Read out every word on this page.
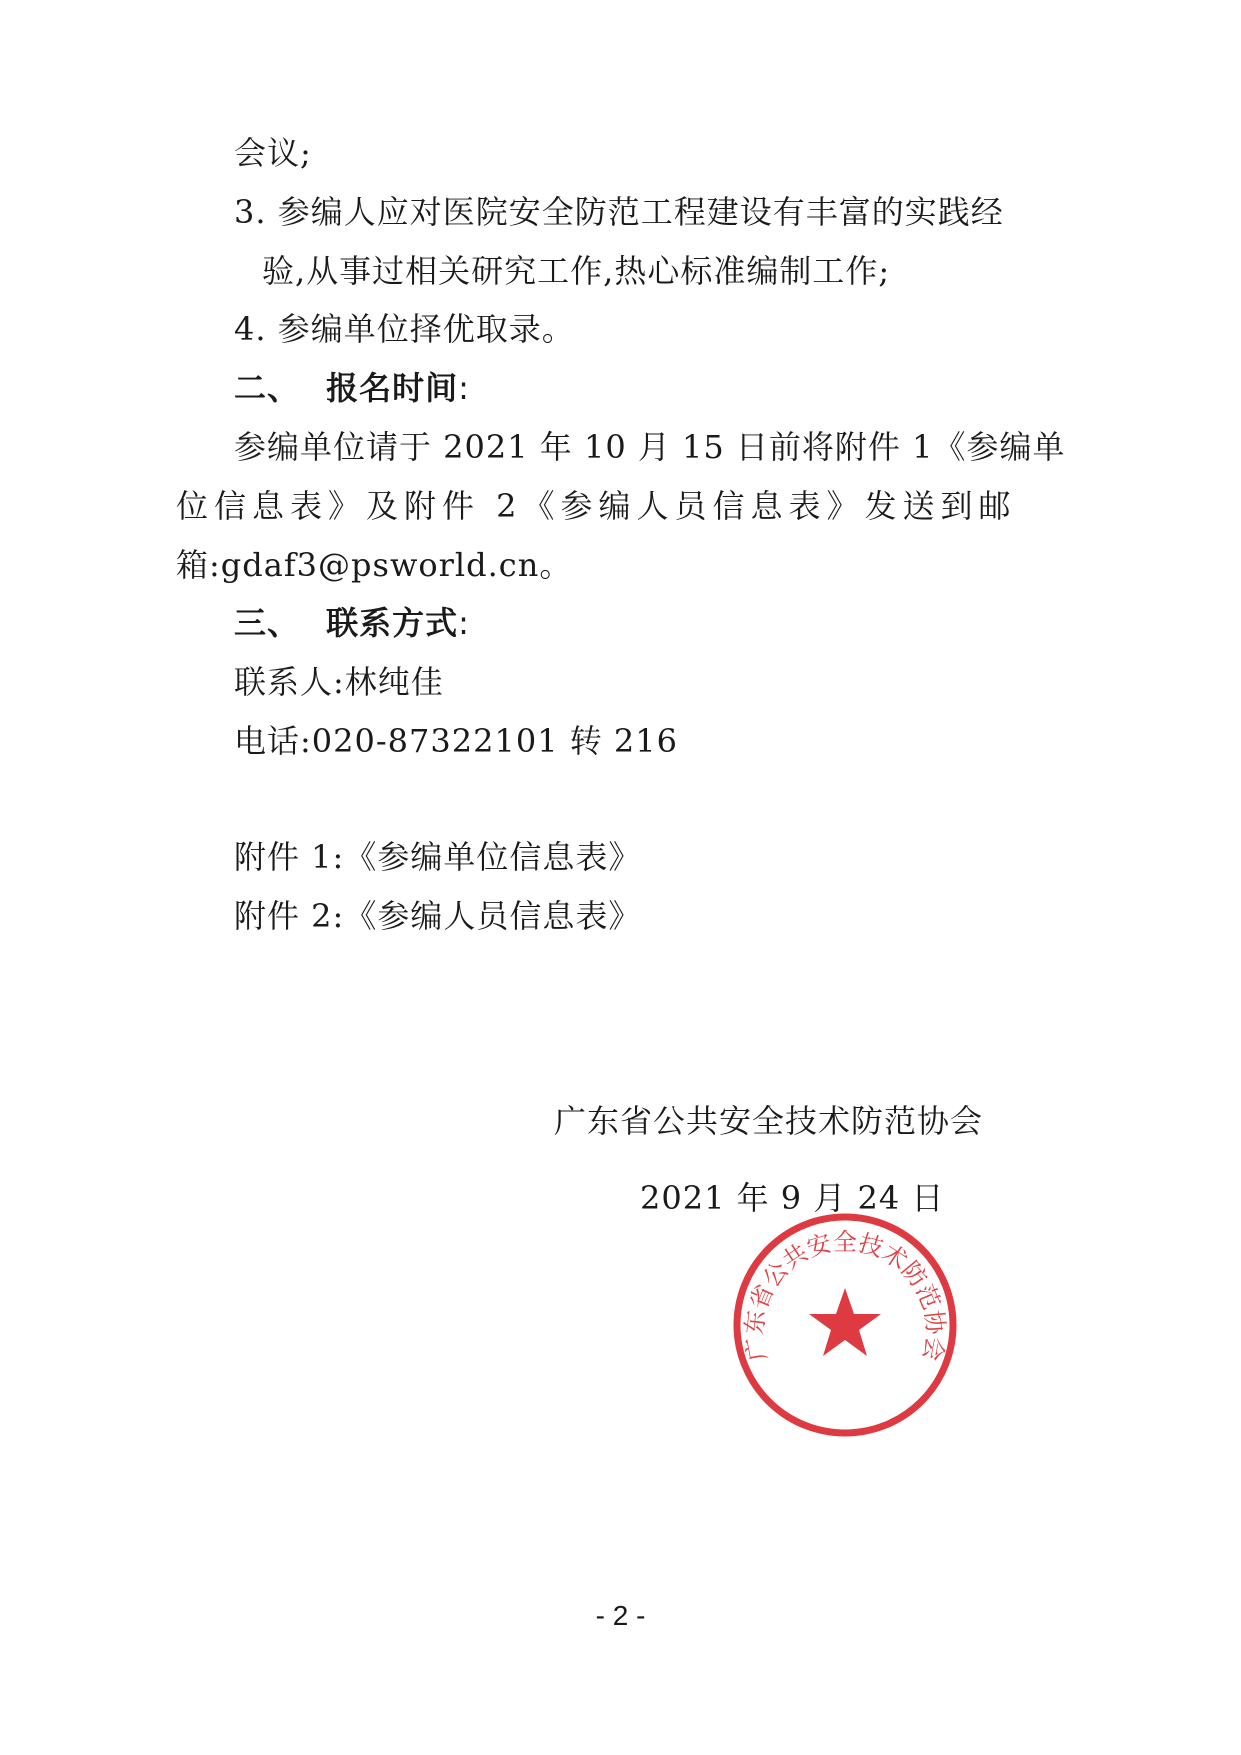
会议;
3. 参编人应对医院安全防范工程建设有丰富的实践经
验,从事过相关研究工作,热心标准编制工作;
4. 参编单位择优取录。
二、 报名时间:
参编单位请于 2021 年 10 月 15 日前将附件 1《参编单
位信息表》及附件 2《参编人员信息表》发送到邮
箱:gdaf3@psworld.cn。
三、 联系方式:
联系人:林纯佳
电话:020-87322101 转 216
附件 1:《参编单位信息表》
附件 2:《参编人员信息表》
广东省公共安全技术防范协会
广东省公共安全技术防范协会
2021 年 9 月 24 日
- 2 -
